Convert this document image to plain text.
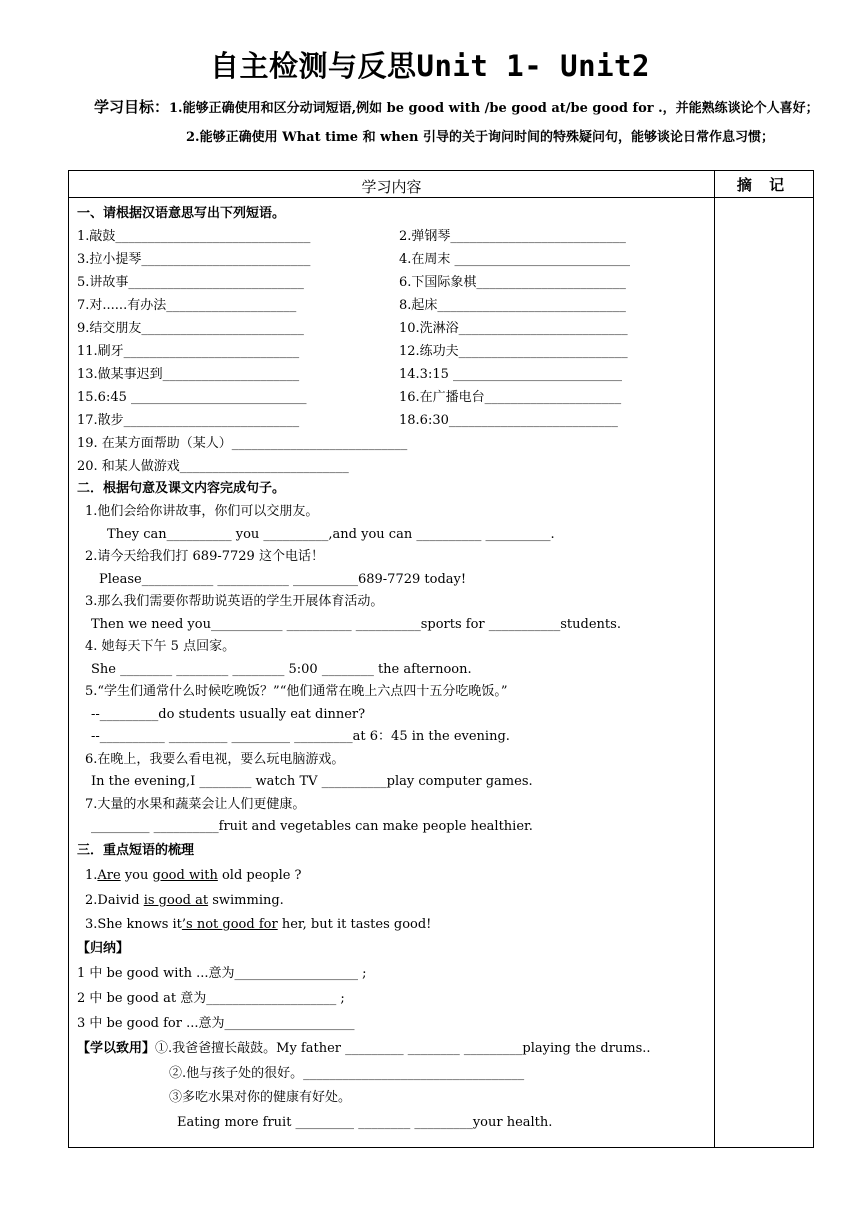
自主检测与反思Unit 1- Unit2
学习目标：1.能够正确使用和区分动词短语,例如 be good with /be good at/be good for .，并能熟练谈论个人喜好；
2.能够正确使用 What time 和 when 引导的关于询问时间的特殊疑问句，能够谈论日常作息习惯；
学习内容	摘 记
一、请根据汉语意思写出下列短语。
1.敲鼓______________________________	2.弹钢琴___________________________
3.拉小提琴__________________________	4.在周末 ___________________________
5.讲故事___________________________	6.下国际象棋_______________________
7.对......有办法____________________	8.起床_____________________________
9.结交朋友_________________________	10.洗淋浴__________________________
11.刷牙___________________________	12.练功夫__________________________
13.做某事迟到_____________________	14.3:15 __________________________
15.6:45 ___________________________	16.在广播电台_____________________
17.散步___________________________	18.6:30__________________________
19. 在某方面帮助（某人）___________________________
20. 和某人做游戏__________________________
二．根据句意及课文内容完成句子。
1.他们会给你讲故事，你们可以交朋友。
They can__________ you __________,and you can __________ __________.
2.请今天给我们打 689-7729 这个电话！
Please___________ ___________ __________689-7729 today!
3.那么我们需要你帮助说英语的学生开展体育活动。
Then we need you___________ __________ __________sports for ___________students.
4. 她每天下午 5 点回家。
She ________ ________ ________ 5:00 ________ the afternoon.
5.“学生们通常什么时候吃晚饭？”“他们通常在晚上六点四十五分吃晚饭。”
--_________do students usually eat dinner?
--__________ _________ _________ _________at 6：45 in the evening.
6.在晚上，我要么看电视，要么玩电脑游戏。
In the evening,I ________ watch TV __________play computer games.
7.大量的水果和蔬菜会让人们更健康。
_________ __________fruit and vegetables can make people healthier.
三．重点短语的梳理
1.Are you good with old people ?
2.Daivid is good at swimming.
3.She knows it’s not good for her, but it tastes good!
【归纳】
1 中 be good with ...意为___________________ ;
2 中 be good at 意为____________________ ;
3 中 be good for ...意为____________________
【学以致用】①.我爸爸擅长敲鼓。My father _________ ________ _________playing the drums..
②.他与孩子处的很好。__________________________________
③多吃水果对你的健康有好处。
Eating more fruit _________ ________ _________your health.
